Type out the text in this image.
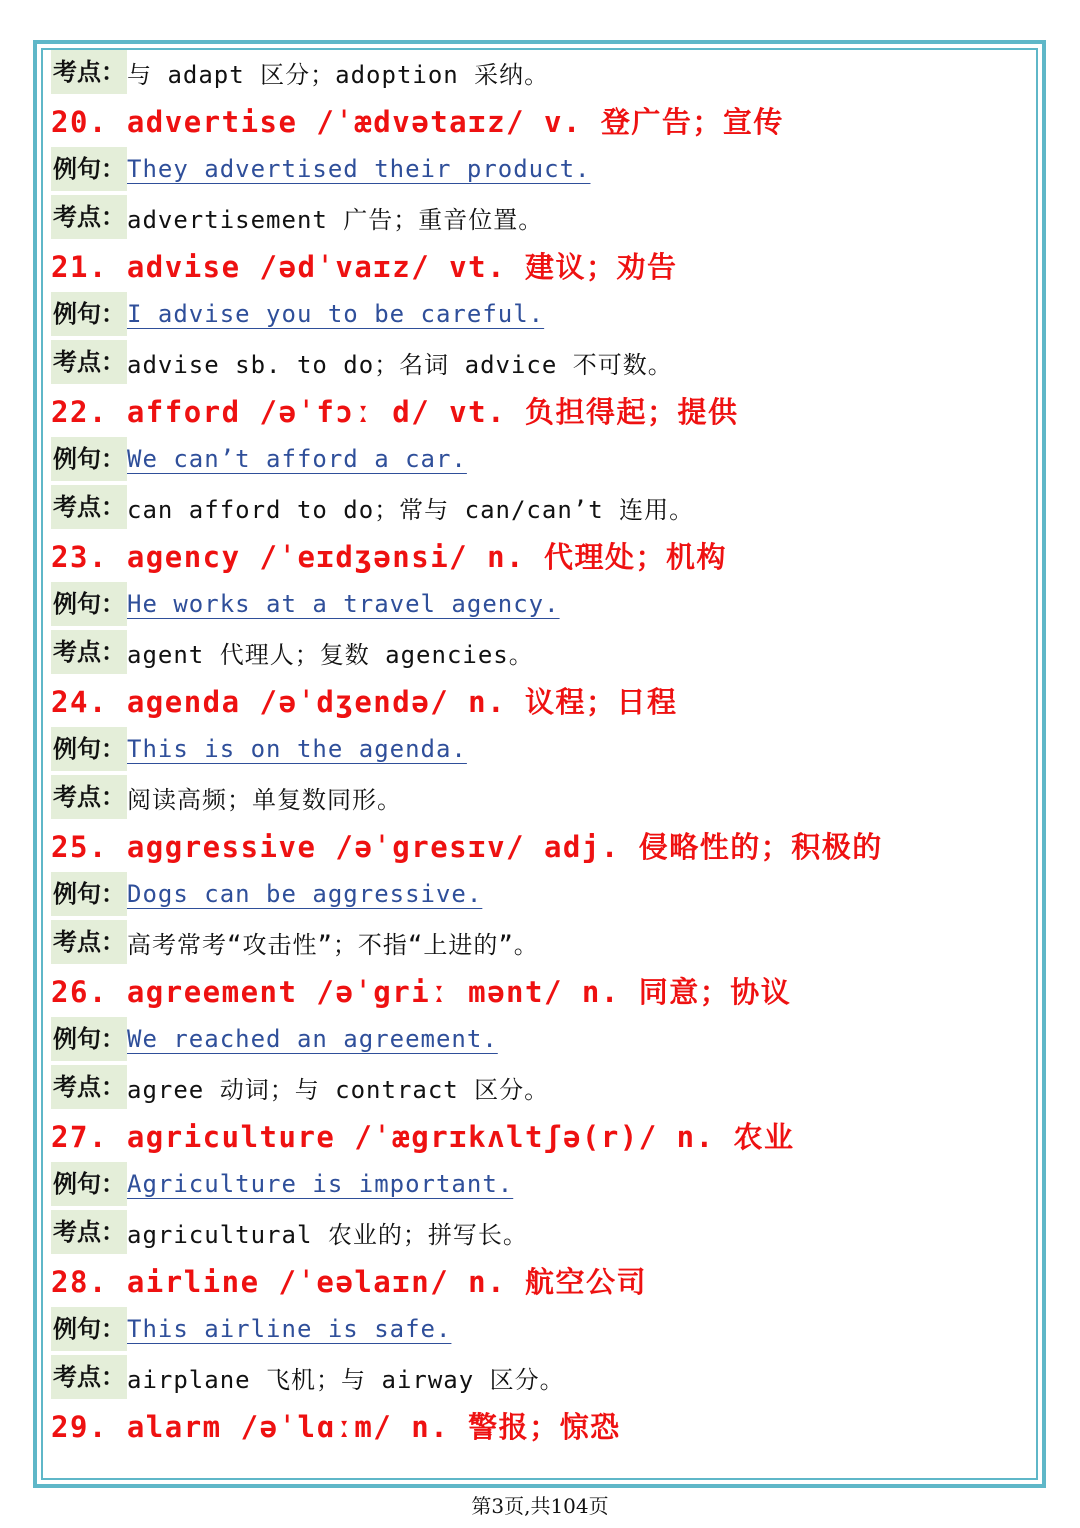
考点： 与 adapt 区分；adoption 采纳。
20. advertise /ˈædvətaɪz/ v. 登广告；宣传
例句： They advertised their product.
考点： advertisement 广告；重音位置。
21. advise /ədˈvaɪz/ vt. 建议；劝告
例句： I advise you to be careful.
考点： advise sb. to do；名词 advice 不可数。
22. afford /əˈfɔː d/ vt. 负担得起；提供
例句： We can’t afford a car.
考点： can afford to do；常与 can/can’t 连用。
23. agency /ˈeɪdʒənsi/ n. 代理处；机构
例句： He works at a travel agency.
考点： agent 代理人；复数 agencies。
24. agenda /əˈdʒendə/ n. 议程；日程
例句： This is on the agenda.
考点： 阅读高频；单复数同形。
25. aggressive /əˈgresɪv/ adj. 侵略性的；积极的
例句： Dogs can be aggressive.
考点： 高考常考“攻击性”；不指“上进的”。
26. agreement /əˈgriː mənt/ n. 同意；协议
例句： We reached an agreement.
考点： agree 动词；与 contract 区分。
27. agriculture /ˈægrɪkʌltʃə(r)/ n. 农业
例句： Agriculture is important.
考点： agricultural 农业的；拼写长。
28. airline /ˈeəlaɪn/ n. 航空公司
例句： This airline is safe.
考点： airplane 飞机；与 airway 区分。
29. alarm /əˈlɑːm/ n. 警报；惊恐
第3页,共104页
